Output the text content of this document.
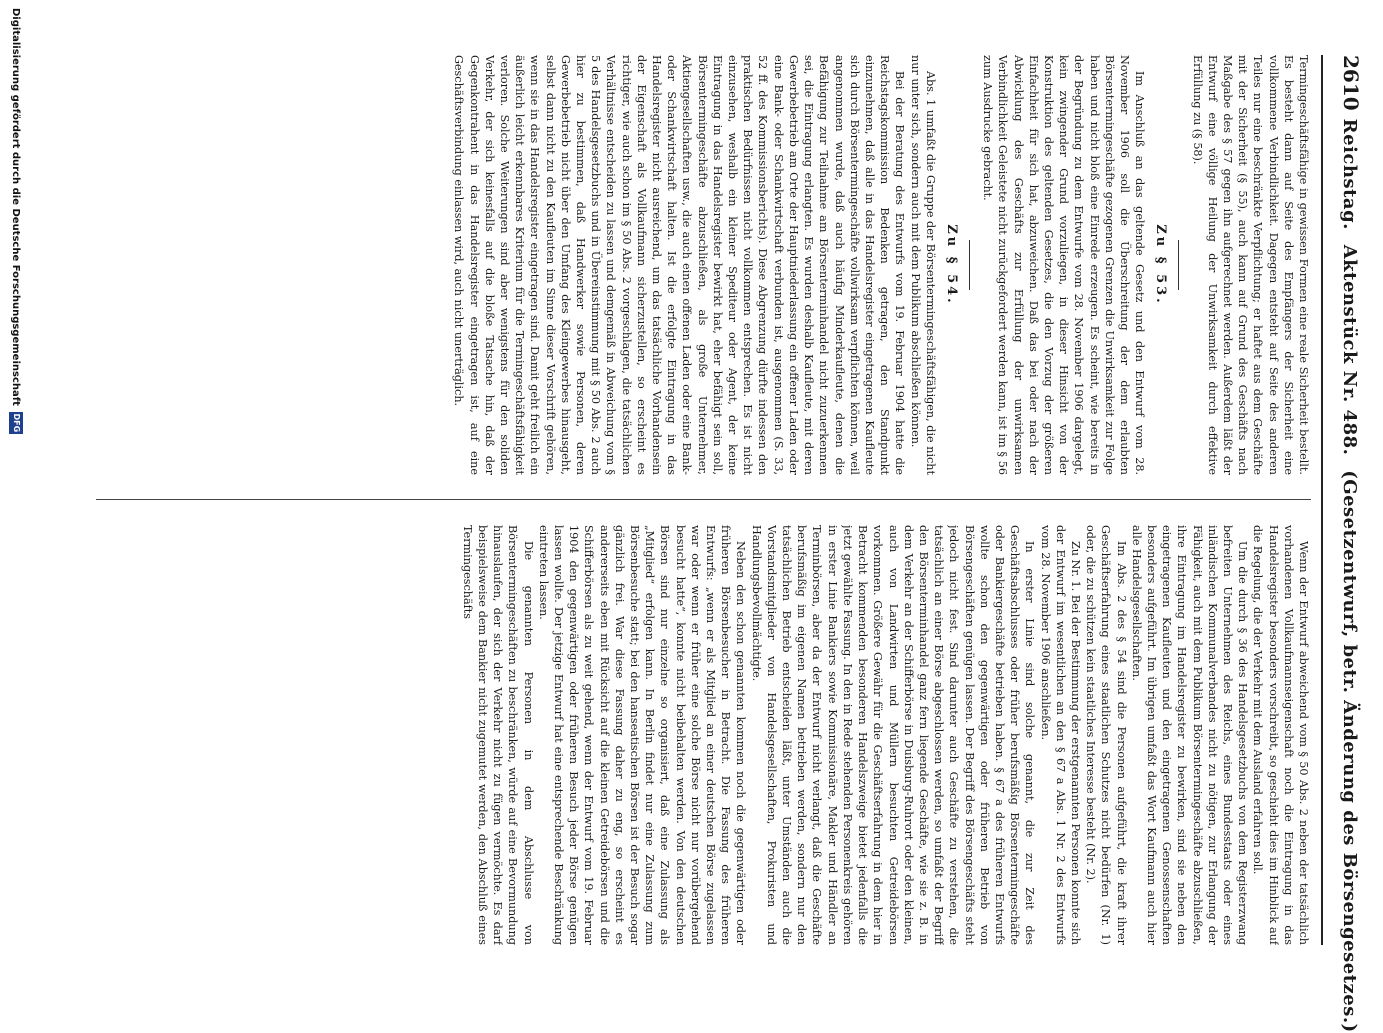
2610
Reichstag. Aktenstück Nr. 488. (Gesetzentwurf, betr. Änderung des Börsengesetzes.)

Termingeschäftsfähige in gewissen Formen eine reale Sicherheit bestellt. Es besteht dann auf Seite des Empfängers der Sicherheit eine vollkommene Verbindlichkeit. Dagegen entsteht auf Seite des anderen Teiles nur eine beschränkte Verpflichtung; er haftet aus dem Geschäfte mit der Sicherheit (§ 55), auch kann auf Grund des Geschäfts nach Maßgabe des § 57 gegen ihn aufgerechnet werden. Außerdem läßt der Entwurf eine völlige Heilung der Unwirksamkeit durch effektive Erfüllung zu (§ 58).

Zu § 53.

Im Anschluß an das geltende Gesetz und den Entwurf vom 28. November 1906 soll die Überschreitung der dem erlaubten Börsentermingeschäfte gezogenen Grenzen die Unwirksamkeit zur Folge haben und nicht bloß eine Einrede erzeugen. Es scheint, wie bereits in der Begründung zu dem Entwurfe vom 28. November 1906 dargelegt, kein zwingender Grund vorzuliegen, in dieser Hinsicht von der Konstruktion des geltenden Gesetzes, die den Vorzug der größeren Einfachheit für sich hat, abzuweichen. Daß das bei oder nach der Abwicklung des Geschäfts zur Erfüllung der unwirksamen Verbindlichkeit Geleistete nicht zurückgefordert werden kann, ist im § 56 zum Ausdrucke gebracht.

Zu § 54.

Abs. 1 umfaßt die Gruppe der Börsentermingeschäftsfähigen, die nicht nur unter sich, sondern auch mit dem Publikum abschließen können.

Bei der Beratung des Entwurfs vom 19. Februar 1904 hatte die Reichstagskommission Bedenken getragen, den Standpunkt einzunehmen, daß alle in das Handelsregister eingetragenen Kaufleute sich durch Börsentermingeschäfte vollwirksam verpflichten können, weil angenommen wurde, daß auch häufig Minderkaufleute, denen die Befähigung zur Teilnahme am Börsenterminhandel nicht zuzuerkennen sei, die Eintragung erlangten. Es wurden deshalb Kaufleute, mit deren Gewerbebetrieb am Orte der Hauptniederlassung ein offener Laden oder eine Bank- oder Schankwirtschaft verbunden ist, ausgenommen (S. 33, 52 ff. des Kommissionsberichts). Diese Abgrenzung dürfte indessen den praktischen Bedürfnissen nicht vollkommen entsprechen. Es ist nicht einzusehen, weshalb ein kleiner Spediteur oder Agent, der keine Eintragung in das Handelsregister bewirkt hat, eher befähigt sein soll, Börsentermingeschäfte abzuschließen, als große Unternehmer, Aktiengesellschaften usw., die auch einen offenen Laden oder eine Bank- oder Schankwirtschaft halten. Ist die erfolgte Eintragung in das Handelsregister nicht ausreichend, um das tatsächliche Vorhandensein der Eigenschaft als Vollkaufmann sicherzustellen, so erscheint es richtiger, wie auch schon im § 50 Abs. 2 vorgeschlagen, die tatsächlichen Verhältnisse entscheiden zu lassen und demgemäß in Abweichung vom § 5 des Handelsgesetzbuchs und in Übereinstimmung mit § 50 Abs. 2 auch hier zu bestimmen, daß Handwerker sowie Personen, deren Gewerbebetrieb nicht über den Umfang des Kleingewerbes hinausgeht, selbst dann nicht zu den Kaufleuten im Sinne dieser Vorschrift gehören, wenn sie in das Handelsregister eingetragen sind. Damit geht freilich ein äußerlich leicht erkennbares Kriterium für die Termingeschäftsfähigkeit verloren. Solche Weiterungen sind aber wenigstens für den soliden Verkehr, der sich keinesfalls auf die bloße Tatsache hin, daß der Gegenkontrahent in das Handelsregister eingetragen ist, auf eine Geschäftsverbindung einlassen wird, auch nicht unerträglich.

Wenn der Entwurf abweichend vom § 50 Abs. 2 neben der tatsächlich vorhandenen Vollkaufmannseigenschaft noch die Eintragung in das Handelsregister besonders vorschreibt, so geschieht dies im Hinblick auf die Regelung, die der Verkehr mit dem Ausland erfahren soll.

Um die durch § 36 des Handelsgesetzbuchs von dem Registerzwang befreiten Unternehmen des Reichs, eines Bundesstaats oder eines inländischen Kommunalverbandes nicht zu nötigen, zur Erlangung der Fähigkeit, auch mit dem Publikum Börsentermingeschäfte abzuschließen, ihre Eintragung im Handelsregister zu bewirken, sind sie neben den eingetragenen Kaufleuten und den eingetragenen Genossenschaften besonders aufgeführt. Im übrigen umfaßt das Wort Kaufmann auch hier alle Handelsgesellschaften.

Im Abs. 2 des § 54 sind die Personen aufgeführt, die kraft ihrer Geschäftserfahrung eines staatlichen Schutzes nicht bedürfen (Nr. 1) oder, die zu schützen kein staatliches Interesse besteht (Nr. 2).

Zu Nr. 1. Bei der Bestimmung der erstgenannten Personen konnte sich der Entwurf im wesentlichen an den § 67 a Abs. 1 Nr. 2 des Entwurfs vom 28. November 1906 anschließen.

In erster Linie sind solche genannt, die zur Zeit des Geschäftsabschlusses oder früher berufsmäßig Börsentermingeschäfte oder Bankiergeschäfte betrieben haben. § 67 a des früheren Entwurfs wollte schon den gegenwärtigen oder früheren Betrieb von Börsengeschäften genügen lassen. Der Begriff des Börsengeschäfts steht jedoch nicht fest. Sind darunter auch Geschäfte zu verstehen, die tatsächlich an einer Börse abgeschlossen werden, so umfaßt der Begriff den Börsenterminhandel ganz fern liegende Geschäfte, wie sie z. B. in dem Verkehr an der Schifferbörse in Duisburg-Ruhrort oder den kleinen, auch von Landwirten und Müllern besuchten Getreidebörsen vorkommen. Größere Gewähr für die Geschäftserfahrung in dem hier in Betracht kommenden besonderen Handelszweige bietet jedenfalls die jetzt gewählte Fassung. In den in Rede stehenden Personenkreis gehören in erster Linie Bankiers sowie Kommissionäre, Makler und Händler an Terminbörsen, aber da der Entwurf nicht verlangt, daß die Geschäfte berufsmäßig im eigenen Namen betrieben werden, sondern nur den tatsächlichen Betrieb entscheiden läßt, unter Umständen auch die Vorstandsmitglieder von Handelsgesellschaften, Prokuristen und Handlungsbevollmächtigte.

Neben den schon genannten kommen noch die gegenwärtigen oder früheren Börsenbesucher in Betracht. Die Fassung des früheren Entwurfs: „wenn er als Mitglied an einer deutschen Börse zugelassen war oder wenn er früher eine solche Börse nicht nur vorübergehend besucht hatte“, konnte nicht beibehalten werden. Von den deutschen Börsen sind nur einzelne so organisiert, daß eine Zulassung als „Mitglied“ erfolgen kann. In Berlin findet nur eine Zulassung zum Börsenbesuche statt; bei den hanseatischen Börsen ist der Besuch sogar gänzlich frei. War diese Fassung daher zu eng, so erscheint es andererseits eben mit Rücksicht auf die kleinen Getreidebörsen und die Schifferbörsen als zu weit gehend, wenn der Entwurf vom 19. Februar 1904 den gegenwärtigen oder früheren Besuch jeder Börse genügen lassen wollte. Der jetzige Entwurf hat eine entsprechende Beschränkung eintreten lassen.

Die genannten Personen in dem Abschlusse von Börsentermingeschäften zu beschränken, würde auf eine Bevormundung hinauslaufen, der sich der Verkehr nicht zu fügen vermöchte. Es darf beispielsweise dem Bankier nicht zugemutet werden, den Abschluß eines Termingeschäfts

Digitalisierung gefördert durch die Deutsche Forschungsgemeinschaft
DFG
